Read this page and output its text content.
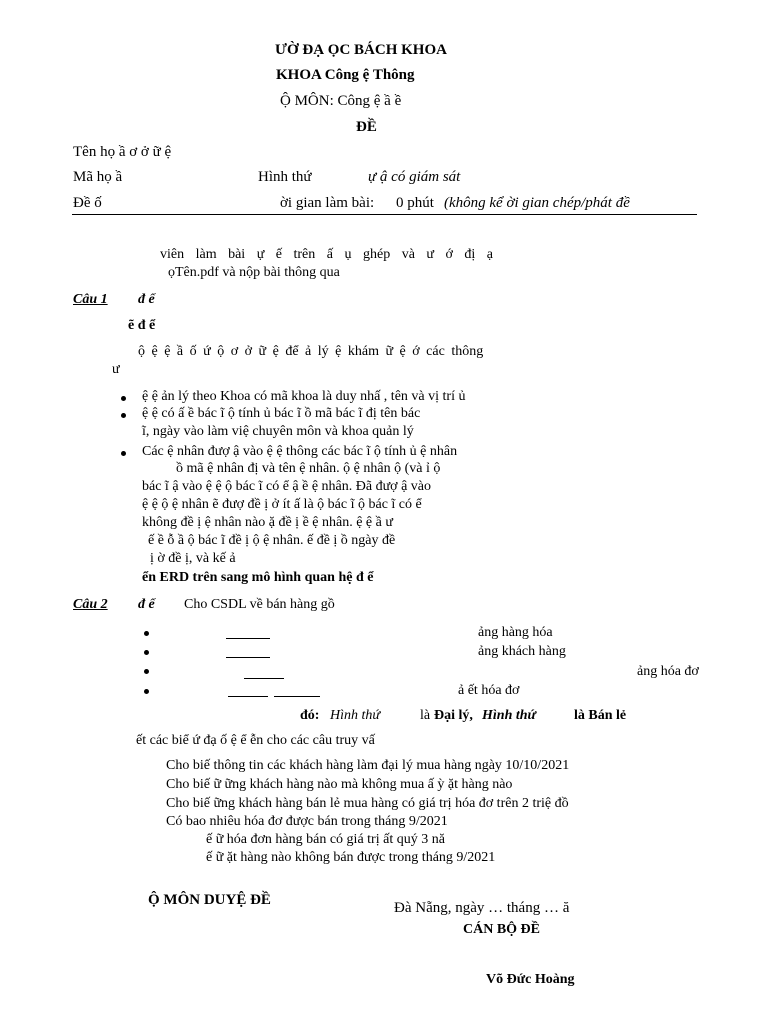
ƯỜ ĐẠ ỌC BÁCH KHOA
KHOA Công ệ Thông
Ộ MÔN: Công ệ ầ ề
ĐỀ
Tên họ ầ ơ ở ữ ệ
Mã họ ầ	Hình thứ	ự ậ có giám sát
Đề ố	ời gian làm bài: 0 phút (không kể ời gian chép/phát đề
viên làm bài ự ế trên ấ ụ ghép và ư ớ đị ạ
ọTên.pdf và nộp bài thông qua
Câu 1 đ ể
ẽ đ ể
ộ ệ ệ ầ ố ứ ộ ơ ở ữ ệ để ả lý ệ khám ữ ệ ớ các thông
ư
ệ ệ ản lý theo Khoa có mã khoa là duy nhấ , tên và vị trí ủ
ệ ệ có ấ ề bác ĩ ộ tính ủ bác ĩ ồ mã bác ĩ đị tên bác
ĩ, ngày vào làm việ chuyên môn và khoa quản lý
Các ệ nhân đượ ậ vào ệ ệ thông các bác ĩ ộ tính ủ ệ nhân
ồ mã ệ nhân đị và tên ệ nhân. ộ ệ nhân ộ (và ỉ ộ
bác ĩ ậ vào ệ ệ ộ bác ĩ có ể ậ ề ệ nhân. Đã đượ ậ vào
ệ ệ ộ ệ nhân ẽ đượ đề ị ở ít ấ là ộ bác ĩ ộ bác ĩ có ể
không đề ị ệ nhân nào ặ đề ị ề ệ nhân. ệ ệ ầ ư
ế ề ỗ ầ ộ bác ĩ đề ị ộ ệ nhân. ế đề ị ồ ngày đề
ị ờ đề ị, và kế ả
ển ERD trên sang mô hình quan hệ đ ể
Câu 2 đ ể Cho CSDL về bán hàng gồ
ảng hàng hóa
ảng khách hàng
ảng hóa đơ
ả ết hóa đơ
đó: Hình thứ	là Đại lý, Hình thứ	là Bán lẻ
ết các biể ứ đạ ố ệ ể ễn cho các câu truy vấ
Cho biế thông tin các khách hàng làm đại lý mua hàng ngày 10/10/2021
Cho biế ữ ững khách hàng nào mà không mua ấ ỳ ặt hàng nào
Cho biế ững khách hàng bán lẻ mua hàng có giá trị hóa đơ trên 2 triệ đồ
Có bao nhiêu hóa đơ được bán trong tháng 9/2021
ế ữ hóa đơn hàng bán có giá trị ất quý 3 nă
ế ữ ặt hàng nào không bán được trong tháng 9/2021
Ộ MÔN DUYỆ ĐỀ	Đà Nẵng, ngày … tháng … ă
CÁN BỘ ĐỀ
Võ Đức Hoàng
